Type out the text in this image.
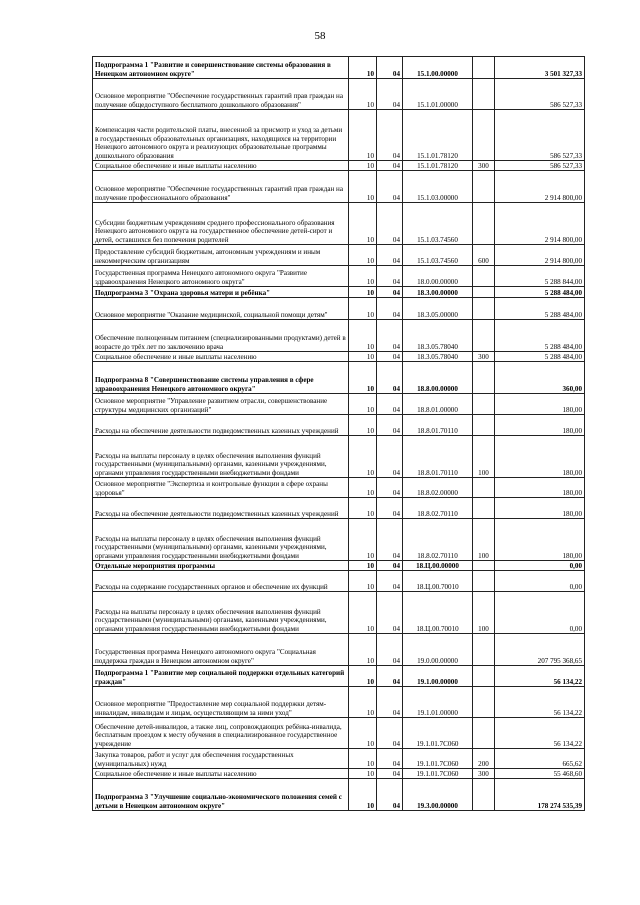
58
Подпрограмма 1 "Развитие и совершенствование системы образования в Ненецком автономном округе"	10	04	15.1.00.00000		3 501 327,33
Основное мероприятие "Обеспечение государственных гарантий прав граждан на получение общедоступного бесплатного дошкольного образования"	10	04	15.1.01.00000		586 527,33
Компенсация части родительской платы, внесенной за присмотр и уход за детьми в государственных образовательных организациях, находящихся на территории Ненецкого автономного округа и реализующих образовательные программы дошкольного образования	10	04	15.1.01.78120		586 527,33
Социальное обеспечение и иные выплаты населению	10	04	15.1.01.78120	300	586 527,33
Основное мероприятие "Обеспечение государственных гарантий прав граждан на получение профессионального образования"	10	04	15.1.03.00000		2 914 800,00
Субсидии бюджетным учреждениям среднего профессионального образования Ненецкого автономного округа на государственное обеспечение детей-сирот и детей, оставшихся без попечения родителей	10	04	15.1.03.74560		2 914 800,00
Предоставление субсидий бюджетным, автономным учреждениям и иным некоммерческим организациям	10	04	15.1.03.74560	600	2 914 800,00
Государственная программа Ненецкого автономного округа "Развитие здравоохранения Ненецкого автономного округа"	10	04	18.0.00.00000		5 288 844,00
Подпрограмма 3 "Охрана здоровья матери и ребёнка"	10	04	18.3.00.00000		5 288 484,00
Основное мероприятие "Оказание медицинской, социальной помощи детям"	10	04	18.3.05.00000		5 288 484,00
Обеспечение полноценным питанием (специализированными продуктами) детей в возрасте до трёх лет по заключению врача	10	04	18.3.05.78040		5 288 484,00
Социальное обеспечение и иные выплаты населению	10	04	18.3.05.78040	300	5 288 484,00
Подпрограмма 8 "Совершенствование системы управления в сфере здравоохранения Ненецкого автономного округа"	10	04	18.8.00.00000		360,00
Основное мероприятие "Управление развитием отрасли, совершенствование структуры медицинских организаций"	10	04	18.8.01.00000		180,00
Расходы на обеспечение деятельности подведомственных казенных учреждений	10	04	18.8.01.70110		180,00
Расходы на выплаты персоналу в целях обеспечения выполнения функций государственными (муниципальными) органами, казенными учреждениями, органами управления государственными внебюджетными фондами	10	04	18.8.01.70110	100	180,00
Основное мероприятие "Экспертиза и контрольные функции в сфере охраны здоровья"	10	04	18.8.02.00000		180,00
Расходы на обеспечение деятельности подведомственных казенных учреждений	10	04	18.8.02.70110		180,00
Расходы на выплаты персоналу в целях обеспечения выполнения функций государственными (муниципальными) органами, казенными учреждениями, органами управления государственными внебюджетными фондами	10	04	18.8.02.70110	100	180,00
Отдельные мероприятия программы	10	04	18.Ц.00.00000		0,00
Расходы на содержание государственных органов и обеспечение их функций	10	04	18.Ц.00.70010		0,00
Расходы на выплаты персоналу в целях обеспечения выполнения функций государственными (муниципальными) органами, казенными учреждениями, органами управления государственными внебюджетными фондами	10	04	18.Ц.00.70010	100	0,00
Государственная программа Ненецкого автономного округа "Социальная поддержка граждан в Ненецком автономном округе"	10	04	19.0.00.00000		207 795 368,65
Подпрограмма 1 "Развитие мер социальной поддержки отдельных категорий граждан"	10	04	19.1.00.00000		56 134,22
Основное мероприятие "Предоставление мер социальной поддержки детям-инвалидам, инвалидам и лицам, осуществляющим за ними уход"	10	04	19.1.01.00000		56 134,22
Обеспечение детей-инвалидов, а также лиц, сопровождающих ребёнка-инвалида, бесплатным проездом к месту обучения в специализированное государственное учреждение	10	04	19.1.01.7С060		56 134,22
Закупка товаров, работ и услуг для обеспечения государственных (муниципальных) нужд	10	04	19.1.01.7С060	200	665,62
Социальное обеспечение и иные выплаты населению	10	04	19.1.01.7С060	300	55 468,60
Подпрограмма 3 "Улучшение социально-экономического положения семей с детьми в Ненецком автономном округе"	10	04	19.3.00.00000		178 274 535,39
